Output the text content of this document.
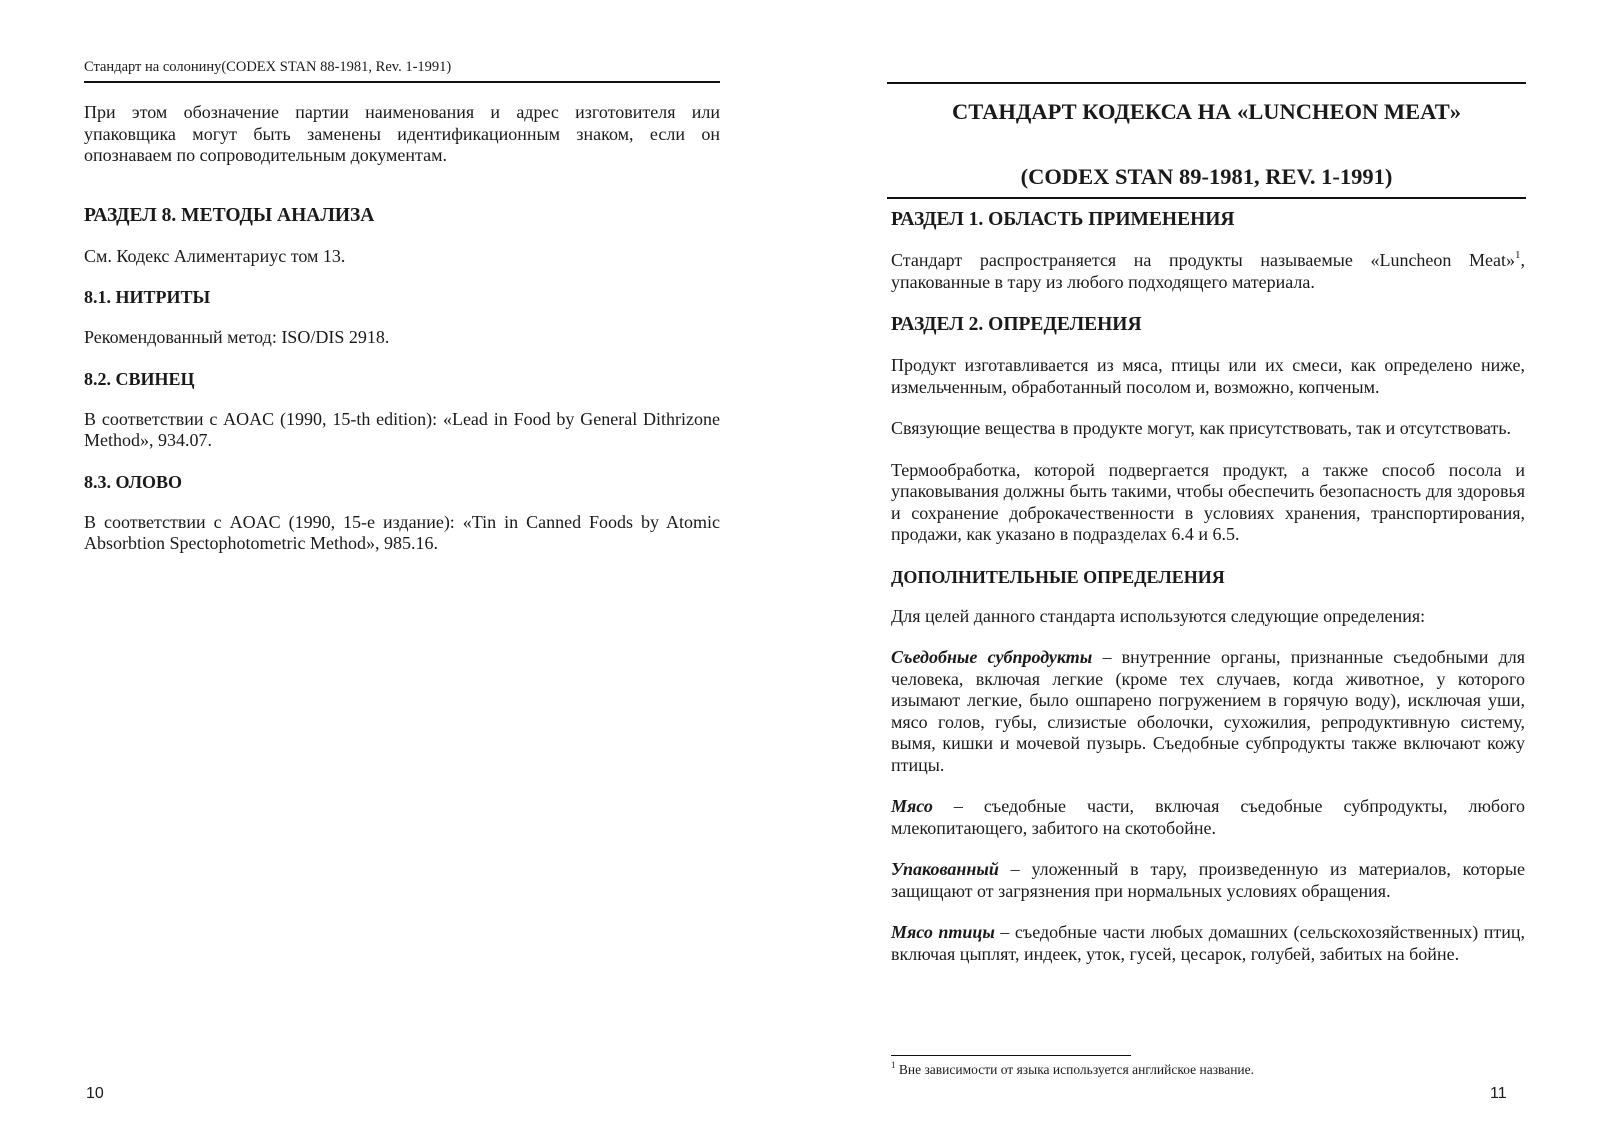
Стандарт на солонину(CODEX STAN 88-1981, Rev. 1-1991)

При этом обозначение партии наименования и адрес изготовителя или упаковщика могут быть заменены идентификационным знаком, если он опознаваем по сопроводительным документам.

РАЗДЕЛ 8. МЕТОДЫ АНАЛИЗА

См. Кодекс Алиментариус том 13.

8.1. НИТРИТЫ

Рекомендованный метод: ISO/DIS 2918.

8.2. СВИНЕЦ

В соответствии с AOAC (1990, 15-th edition): «Lead in Food by General Dithrizone Method», 934.07.

8.3. ОЛОВО

В соответствии с AOAC (1990, 15-е издание): «Tin in Canned Foods by Atomic Absorbtion Spectophotometric Method», 985.16.

10
СТАНДАРТ КОДЕКСА НА «LUNCHEON MEAT»
(CODEX STAN 89-1981, REV. 1-1991)
РАЗДЕЛ 1. ОБЛАСТЬ ПРИМЕНЕНИЯ

Стандарт распространяется на продукты называемые «Luncheon Meat»$^1$, упакованные в тару из любого подходящего материала.

РАЗДЕЛ 2. ОПРЕДЕЛЕНИЯ

Продукт изготавливается из мяса, птицы или их смеси, как определено ниже, измельченным, обработанный посолом и, возможно, копченым.

Связующие вещества в продукте могут, как присутствовать, так и отсутствовать.

Термообработка, которой подвергается продукт, а также способ посола и упаковывания должны быть такими, чтобы обеспечить безопасность для здоровья и сохранение доброкачественности в условиях хранения, транспортирования, продажи, как указано в подразделах 6.4 и 6.5.

ДОПОЛНИТЕЛЬНЫЕ ОПРЕДЕЛЕНИЯ

Для целей данного стандарта используются следующие определения:

Съедобные субпродукты – внутренние органы, признанные съедобными для человека, включая легкие (кроме тех случаев, когда животное, у которого изымают легкие, было ошпарено погружением в горячую воду), исключая уши, мясо голов, губы, слизистые оболочки, сухожилия, репродуктивную систему, вымя, кишки и мочевой пузырь. Съедобные субпродукты также включают кожу птицы.

Мясо – съедобные части, включая съедобные субпродукты, любого млекопитающего, забитого на скотобойне.

Упакованный – уложенный в тару, произведенную из материалов, которые защищают от загрязнения при нормальных условиях обращения.

Мясо птицы – съедобные части любых домашних (сельскохозяйственных) птиц, включая цыплят, индеек, уток, гусей, цесарок, голубей, забитых на бойне.

$^1$ Вне зависимости от языка используется английское название.
11
